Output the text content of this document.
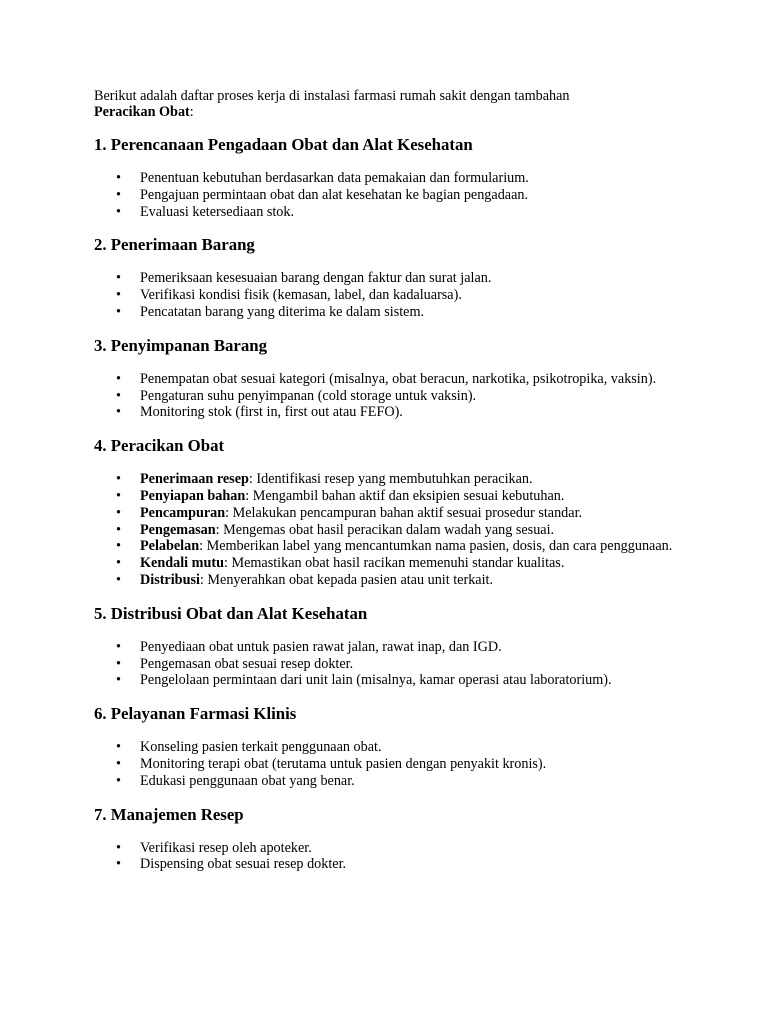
Berikut adalah daftar proses kerja di instalasi farmasi rumah sakit dengan tambahan
Peracikan Obat:

1. Perencanaan Pengadaan Obat dan Alat Kesehatan
• Penentuan kebutuhan berdasarkan data pemakaian dan formularium.
• Pengajuan permintaan obat dan alat kesehatan ke bagian pengadaan.
• Evaluasi ketersediaan stok.
2. Penerimaan Barang
• Pemeriksaan kesesuaian barang dengan faktur dan surat jalan.
• Verifikasi kondisi fisik (kemasan, label, dan kadaluarsa).
• Pencatatan barang yang diterima ke dalam sistem.
3. Penyimpanan Barang
• Penempatan obat sesuai kategori (misalnya, obat beracun, narkotika, psikotropika, vaksin).
• Pengaturan suhu penyimpanan (cold storage untuk vaksin).
• Monitoring stok (first in, first out atau FEFO).
4. Peracikan Obat
• Penerimaan resep: Identifikasi resep yang membutuhkan peracikan.
• Penyiapan bahan: Mengambil bahan aktif dan eksipien sesuai kebutuhan.
• Pencampuran: Melakukan pencampuran bahan aktif sesuai prosedur standar.
• Pengemasan: Mengemas obat hasil peracikan dalam wadah yang sesuai.
• Pelabelan: Memberikan label yang mencantumkan nama pasien, dosis, dan cara penggunaan.
• Kendali mutu: Memastikan obat hasil racikan memenuhi standar kualitas.
• Distribusi: Menyerahkan obat kepada pasien atau unit terkait.
5. Distribusi Obat dan Alat Kesehatan
• Penyediaan obat untuk pasien rawat jalan, rawat inap, dan IGD.
• Pengemasan obat sesuai resep dokter.
• Pengelolaan permintaan dari unit lain (misalnya, kamar operasi atau laboratorium).
6. Pelayanan Farmasi Klinis
• Konseling pasien terkait penggunaan obat.
• Monitoring terapi obat (terutama untuk pasien dengan penyakit kronis).
• Edukasi penggunaan obat yang benar.
7. Manajemen Resep
• Verifikasi resep oleh apoteker.
• Dispensing obat sesuai resep dokter.
